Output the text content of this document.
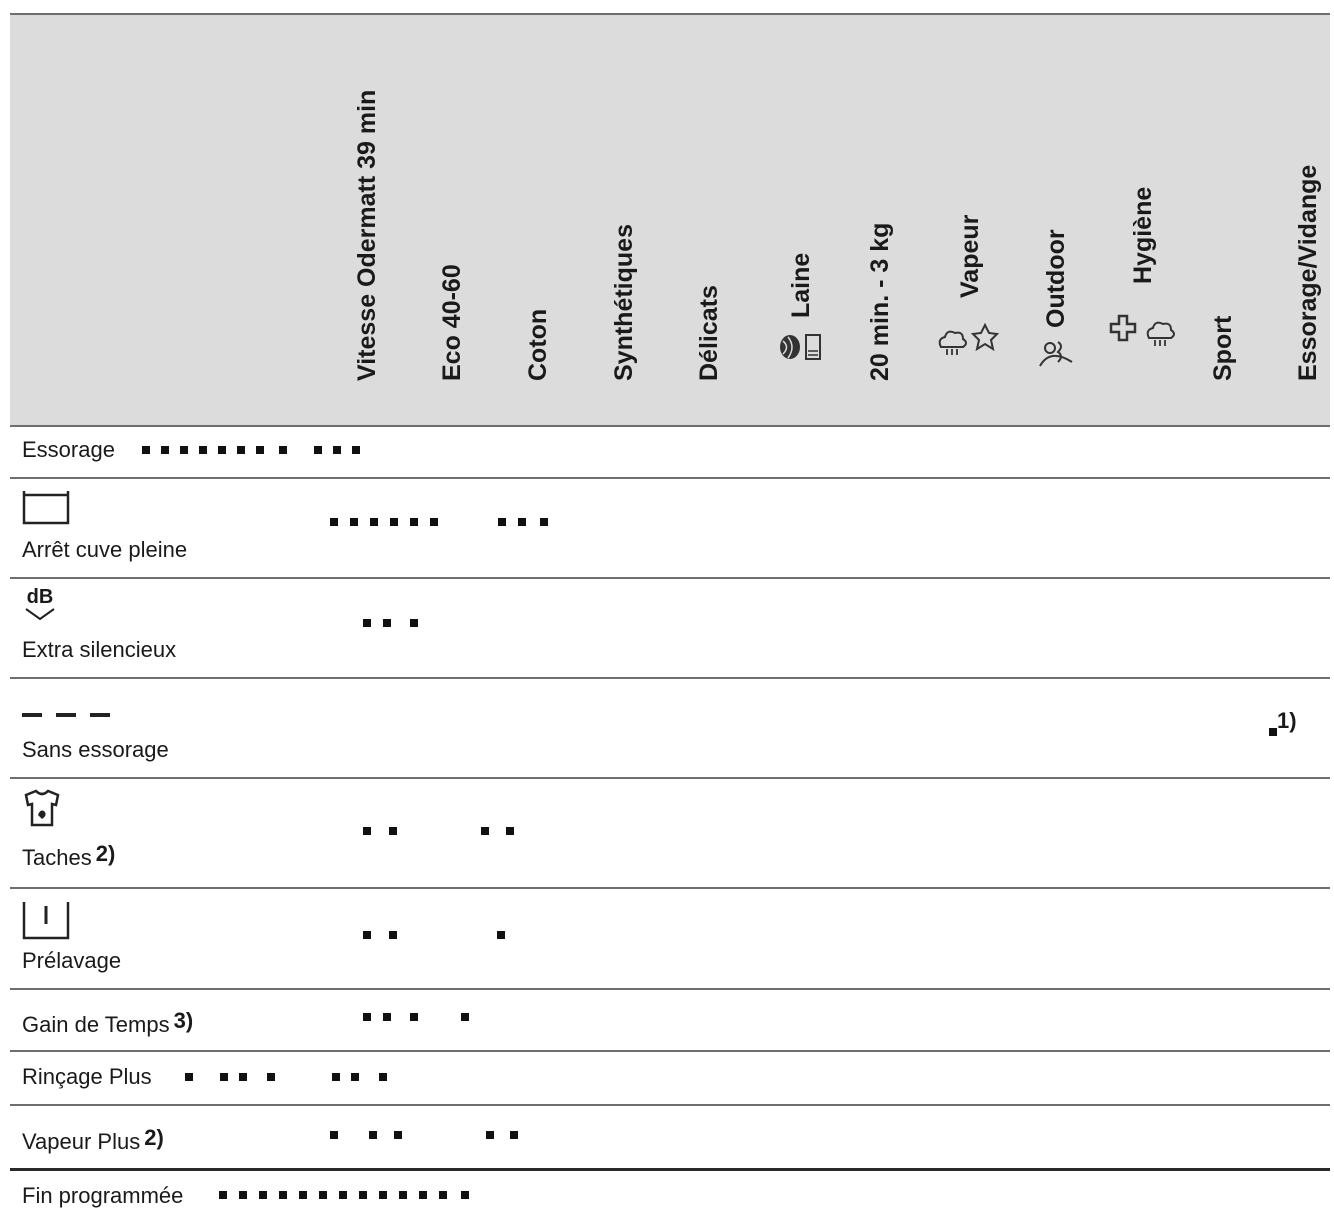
Vitesse Odermatt 39 min Eco 40-60 Coton Synthétiques Délicats	Laine 20 min. - 3 kg Vapeur Outdoor Hygiène
Sport Essorage/Vidange
Essorage
Arrêt cuve pleine
dB
Extra silencieux
Sans essorage
1)
Taches 2)
Prélavage
Gain de Temps 3)
Rinçage Plus
Vapeur Plus 2)
Fin programmée
